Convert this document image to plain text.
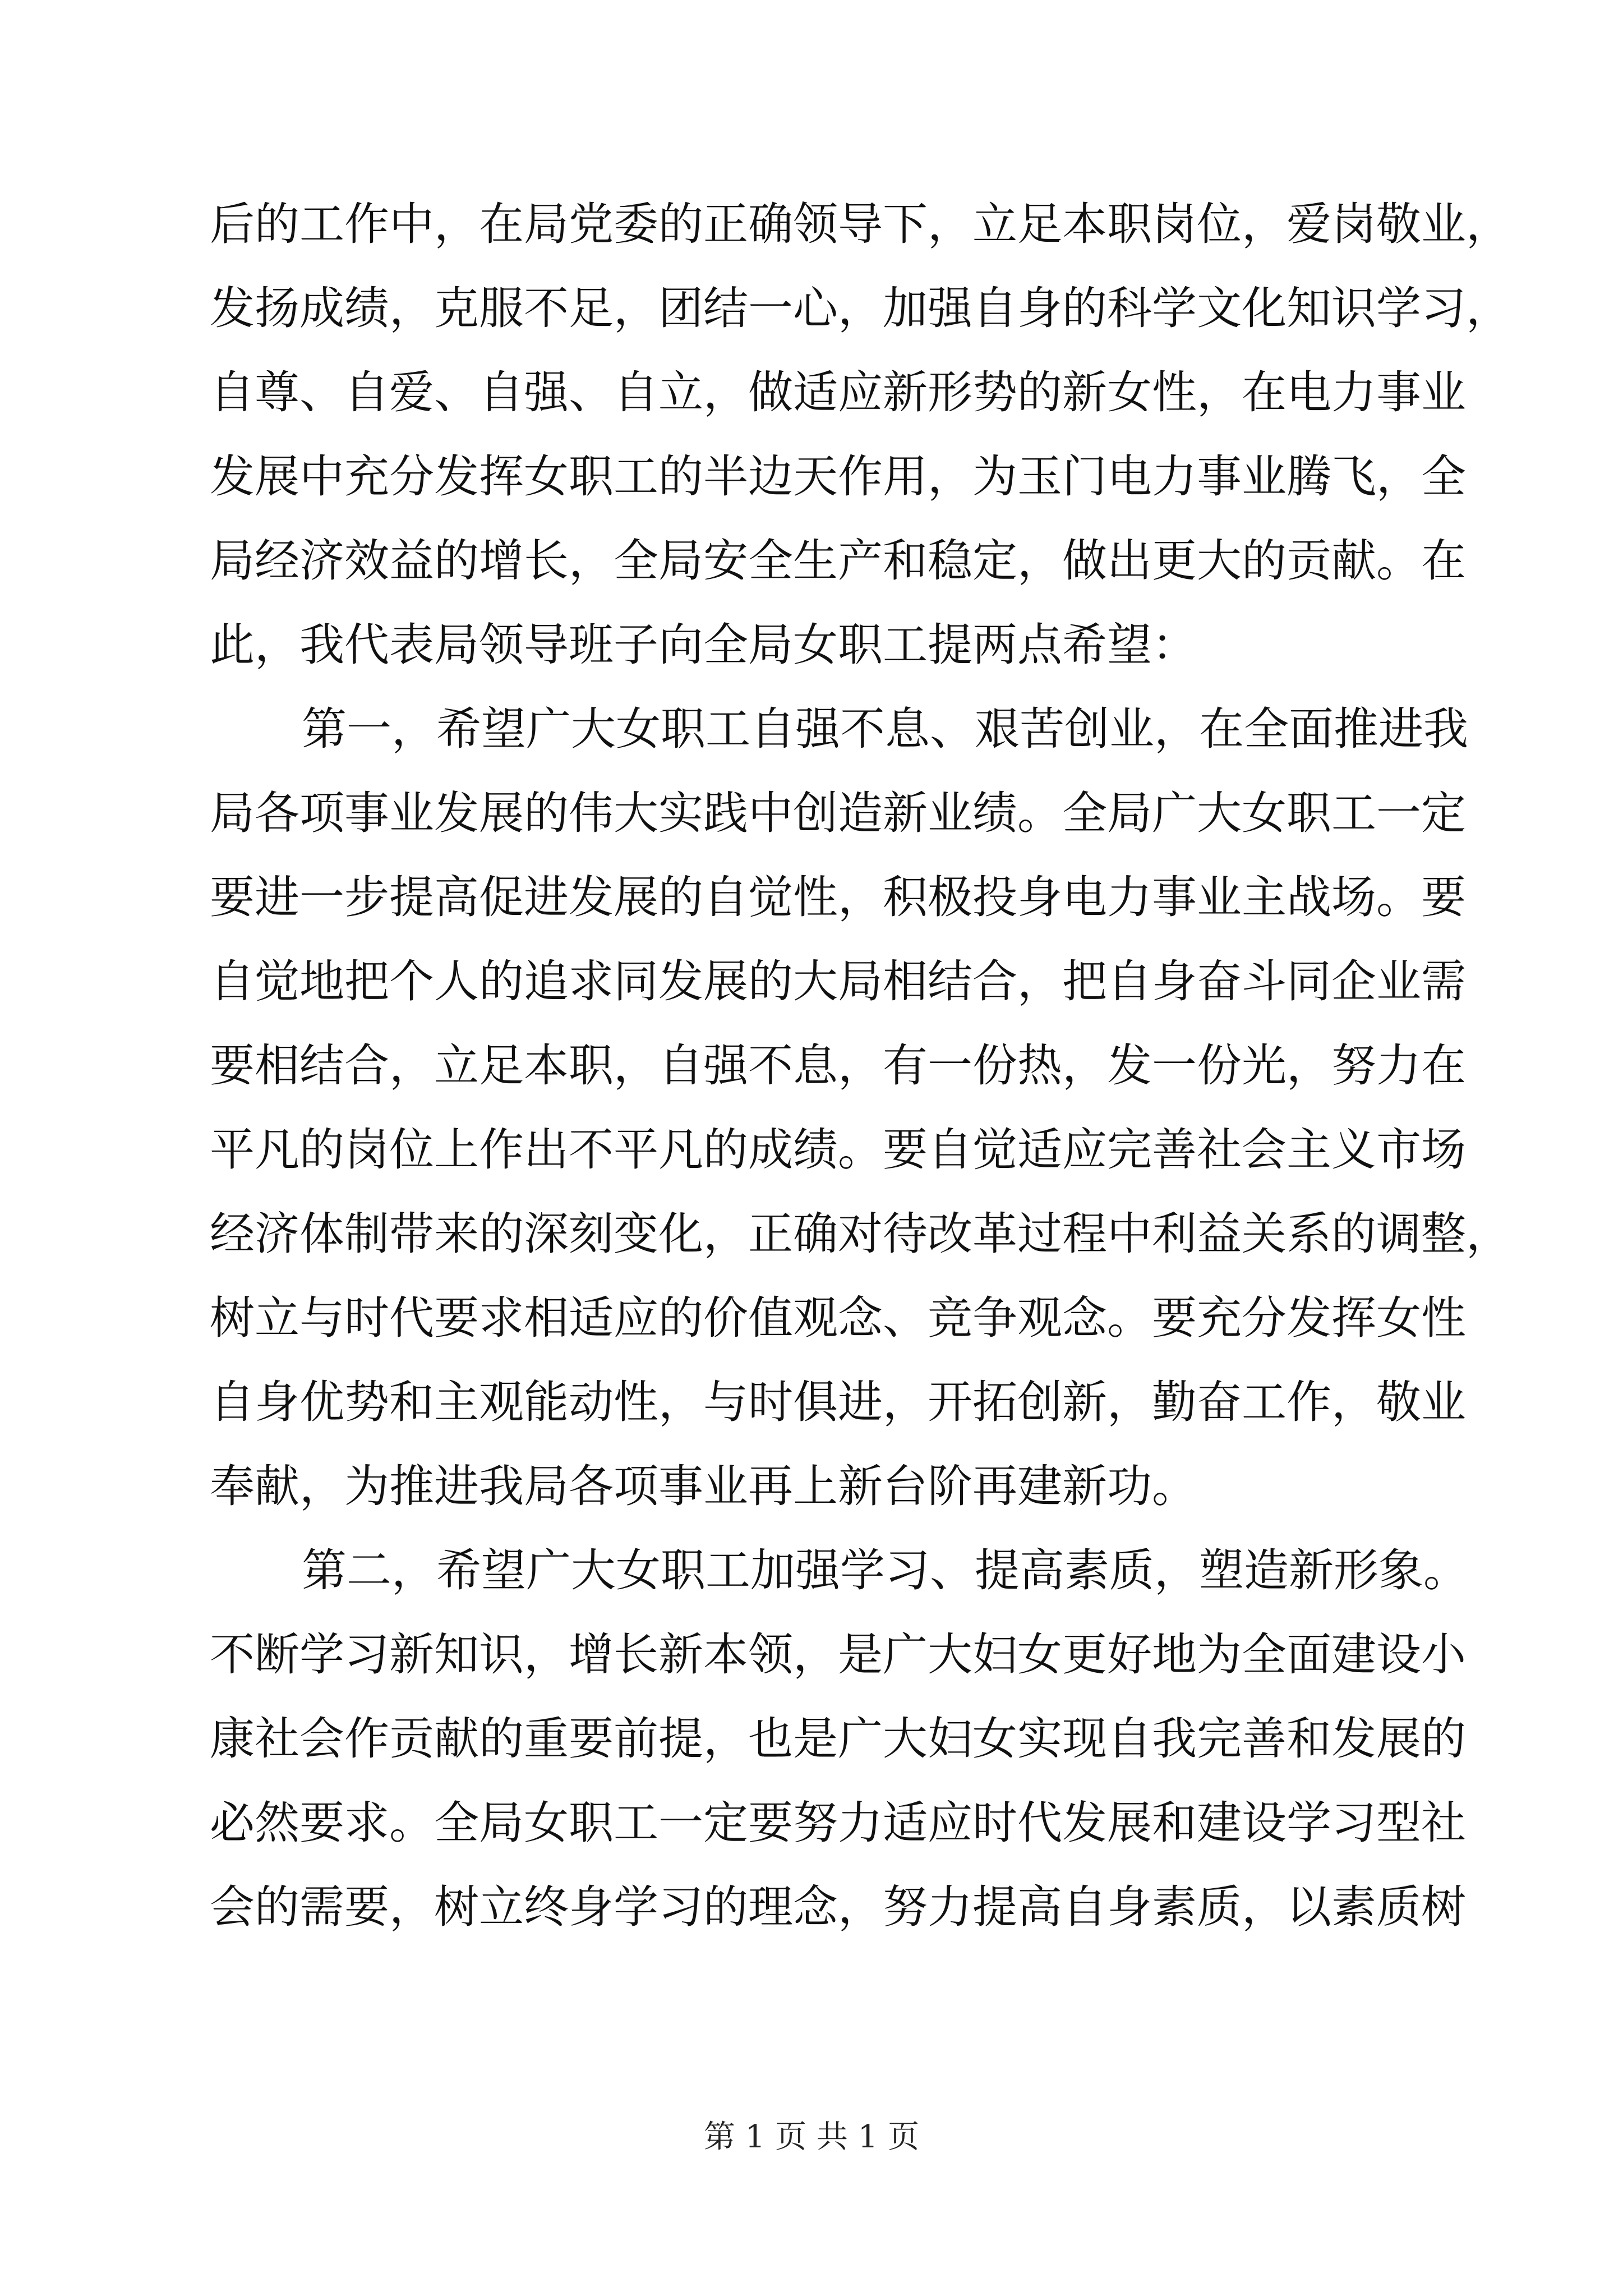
后的工作中，在局党委的正确领导下，立足本职岗位，爱岗敬业，
发扬成绩，克服不足，团结一心，加强自身的科学文化知识学习，
自尊、自爱、自强、自立，做适应新形势的新女性，在电力事业
发展中充分发挥女职工的半边天作用，为玉门电力事业腾飞，全
局经济效益的增长，全局安全生产和稳定，做出更大的贡献。在
此，我代表局领导班子向全局女职工提两点希望：
第一，希望广大女职工自强不息、艰苦创业，在全面推进我
局各项事业发展的伟大实践中创造新业绩。全局广大女职工一定
要进一步提高促进发展的自觉性，积极投身电力事业主战场。要
自觉地把个人的追求同发展的大局相结合，把自身奋斗同企业需
要相结合，立足本职，自强不息，有一份热，发一份光，努力在
平凡的岗位上作出不平凡的成绩。要自觉适应完善社会主义市场
经济体制带来的深刻变化，正确对待改革过程中利益关系的调整，
树立与时代要求相适应的价值观念、竞争观念。要充分发挥女性
自身优势和主观能动性，与时俱进，开拓创新，勤奋工作，敬业
奉献，为推进我局各项事业再上新台阶再建新功。
第二，希望广大女职工加强学习、提高素质，塑造新形象。
不断学习新知识，增长新本领，是广大妇女更好地为全面建设小
康社会作贡献的重要前提，也是广大妇女实现自我完善和发展的
必然要求。全局女职工一定要努力适应时代发展和建设学习型社
会的需要，树立终身学习的理念，努力提高自身素质，以素质树
第 1 页 共 1 页
